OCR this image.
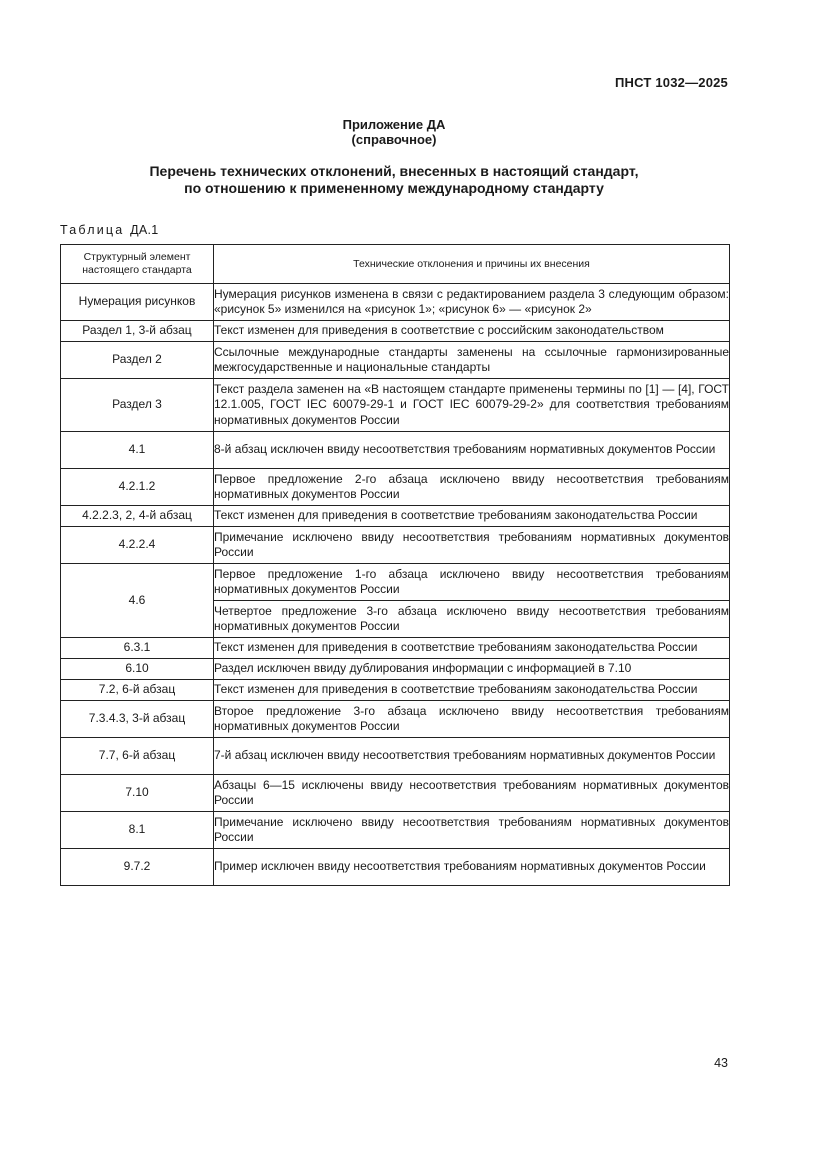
ПНСТ 1032—2025
Приложение ДА
(справочное)
Перечень технических отклонений, внесенных в настоящий стандарт,
по отношению к примененному международному стандарту
Таблица ДА.1
Структурный элемент настоящего стандарта	Технические отклонения и причины их внесения
Нумерация рисунков	Нумерация рисунков изменена в связи с редактированием раздела 3 следующим образом: «рисунок 5» изменился на «рисунок 1»; «рисунок 6» — «рисунок 2»
Раздел 1, 3-й абзац	Текст изменен для приведения в соответствие с российским законодательством
Раздел 2	Ссылочные международные стандарты заменены на ссылочные гармонизированные межгосударственные и национальные стандарты
Раздел 3	Текст раздела заменен на «В настоящем стандарте применены термины по [1] — [4], ГОСТ 12.1.005, ГОСТ IEC 60079-29-1 и ГОСТ IEC 60079-29-2» для соответствия требованиям нормативных документов России
4.1	8-й абзац исключен ввиду несоответствия требованиям нормативных документов России
4.2.1.2	Первое предложение 2-го абзаца исключено ввиду несоответствия требованиям нормативных документов России
4.2.2.3, 2, 4-й абзац	Текст изменен для приведения в соответствие требованиям законодательства России
4.2.2.4	Примечание исключено ввиду несоответствия требованиям нормативных документов России
4.6	Первое предложение 1-го абзаца исключено ввиду несоответствия требованиям нормативных документов России
	Четвертое предложение 3-го абзаца исключено ввиду несоответствия требованиям нормативных документов России
6.3.1	Текст изменен для приведения в соответствие требованиям законодательства России
6.10	Раздел исключен ввиду дублирования информации с информацией в 7.10
7.2, 6-й абзац	Текст изменен для приведения в соответствие требованиям законодательства России
7.3.4.3, 3-й абзац	Второе предложение 3-го абзаца исключено ввиду несоответствия требованиям нормативных документов России
7.7, 6-й абзац	7-й абзац исключен ввиду несоответствия требованиям нормативных документов России
7.10	Абзацы 6—15 исключены ввиду несоответствия требованиям нормативных документов России
8.1	Примечание исключено ввиду несоответствия требованиям нормативных документов России
9.7.2	Пример исключен ввиду несоответствия требованиям нормативных документов России
43
